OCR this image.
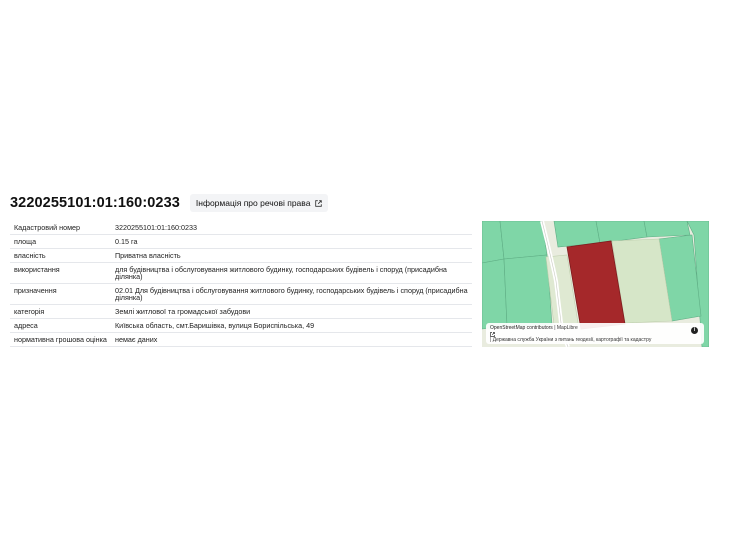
3220255101:01:160:0233 Інформація про речові права
Кадастровий номер	3220255101:01:160:0233
площа	0.15 га
власність	Приватна власність
використання	для будівництва і обслуговування житлового будинку, господарських будівель і споруд (присадибна ділянка)
призначення	02.01 Для будівництва і обслуговування житлового будинку, господарських будівель і споруд (присадибна ділянка)
категорія	Землі житлової та громадської забудови
адреса	Київська область, смт.Баришівка, вулиця Бориспільська, 49
нормативна грошова оцінка	немає даних
OpenStreetMap contributors | MapLibre
| Державна служба України з питань геодезії, картографії та кадастру
i
